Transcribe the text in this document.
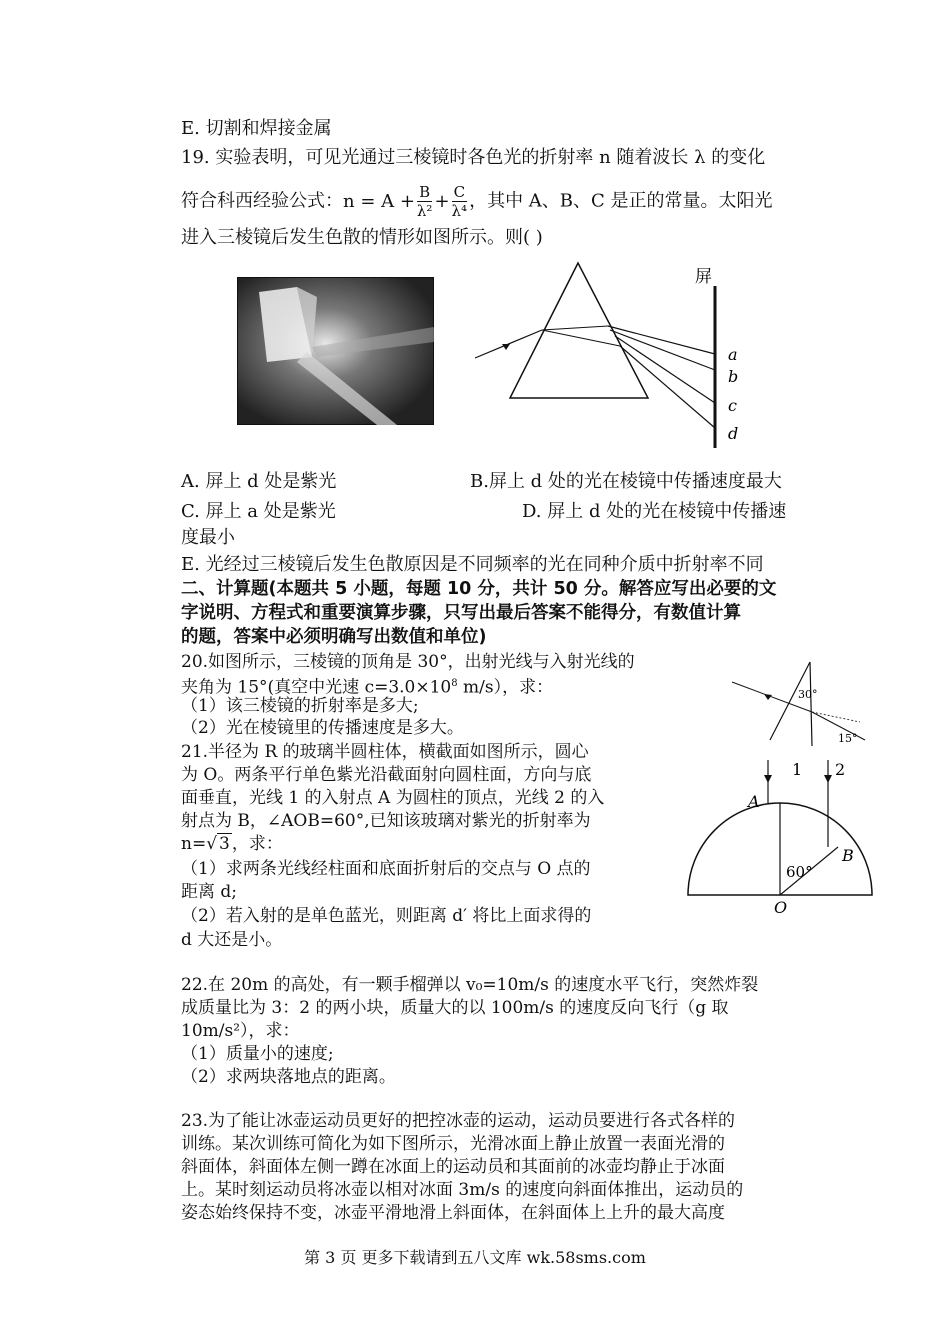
E. 切割和焊接金属
19. 实验表明，可见光通过三棱镜时各色光的折射率 n 随着波长 λ 的变化
符合科西经验公式：$n = A + \frac{B}{\text{λ²}} + \frac{C}{\text{λ⁴}}$ ，其中 A、B、C 是正的常量。太阳光
进入三棱镜后发生色散的情形如图所示。则( )
屏
a
b
c
d
A. 屏上 d 处是紫光	B.屏上 d 处的光在棱镜中传播速度最大
C. 屏上 a 处是紫光	D. 屏上 d 处的光在棱镜中传播速
度最小
E. 光经过三棱镜后发生色散原因是不同频率的光在同种介质中折射率不同
二、计算题(本题共 5 小题，每题 10 分，共计 50 分。解答应写出必要的文
字说明、方程式和重要演算步骤，只写出最后答案不能得分，有数值计算
的题，答案中必须明确写出数值和单位)
20.如图所示，三棱镜的顶角是 30°，出射光线与入射光线的
夹角为 15°(真空中光速 $c=3.0\times 10^8$ m/s），求：
（1）该三棱镜的折射率是多大;
（2）光在棱镜里的传播速度是多大。
30°
15°
21.半径为 R 的玻璃半圆柱体，横截面如图所示，圆心
为 O。两条平行单色紫光沿截面射向圆柱面，方向与底
面垂直，光线 1 的入射点 A 为圆柱的顶点，光线 2 的入
射点为 B，∠AOB=60°,已知该玻璃对紫光的折射率为
n=√ 3 ，求：
（1）求两条光线经柱面和底面折射后的交点与 O 点的
距离 d;
（2）若入射的是单色蓝光，则距离 d′ 将比上面求得的
d 大还是小。
1 2
A
B
O
60°
22.在 20m 的高处，有一颗手榴弹以 v₀=10m/s 的速度水平飞行，突然炸裂
成质量比为 3：2 的两小块，质量大的以 100m/s 的速度反向飞行（g 取
10m/s²），求：
（1）质量小的速度;
（2）求两块落地点的距离。
23.为了能让冰壶运动员更好的把控冰壶的运动，运动员要进行各式各样的
训练。某次训练可简化为如下图所示，光滑冰面上静止放置一表面光滑的
斜面体，斜面体左侧一蹲在冰面上的运动员和其面前的冰壶均静止于冰面
上。某时刻运动员将冰壶以相对冰面 3m/s 的速度向斜面体推出，运动员的
姿态始终保持不变，冰壶平滑地滑上斜面体，在斜面体上上升的最大高度
第 3 页 更多下载请到五八文库 wk.58sms.com
